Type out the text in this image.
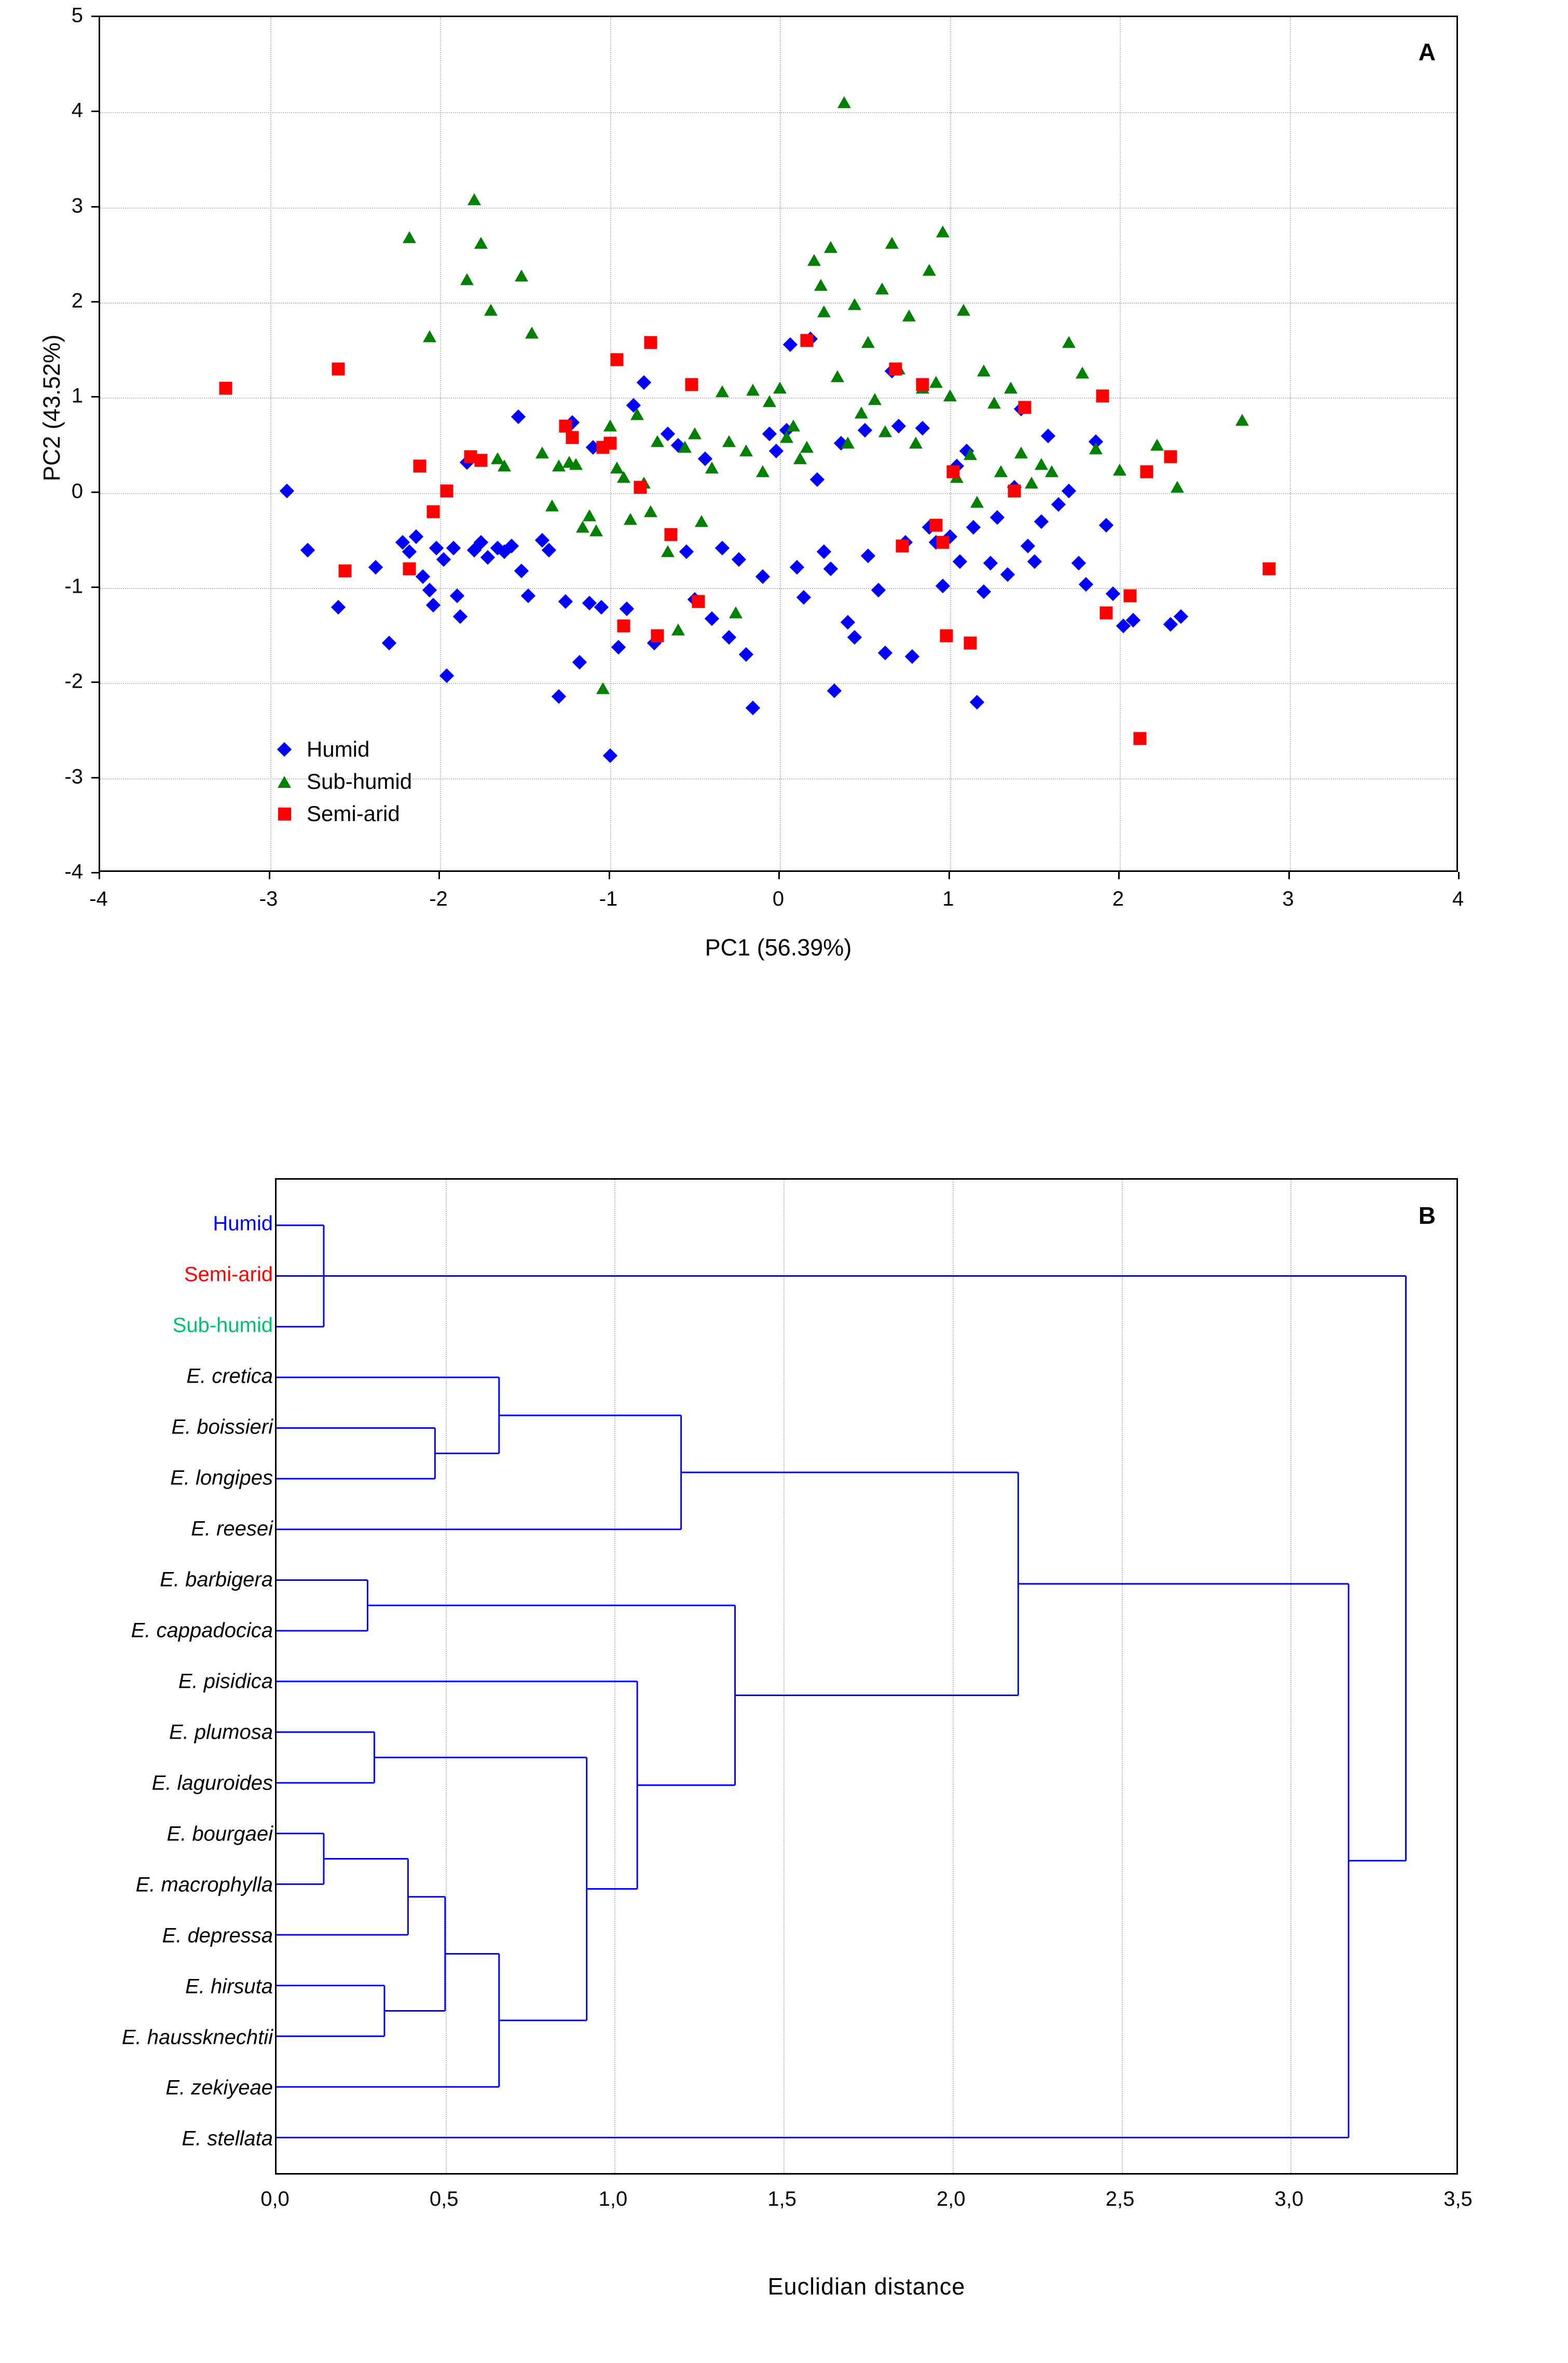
PC2 (43.52%)
A
Humid
Sub-humid
Semi-arid
PC1 (56.39%)
-4	-3	-2	-1	0	1	2	3	4
-4
-3
-2
-1
0
1
2
3
4
5
B
Euclidian distance
0,0	0,5	1,0	1,5	2,0	2,5	3,0	3,5
Humid
Semi-arid
Sub-humid
E. cretica
E. boissieri
E. longipes
E. reesei
E. barbigera
E. cappadocica
E. pisidica
E. plumosa
E. laguroides
E. bourgaei
E. macrophylla
E. depressa
E. hirsuta
E. haussknechtii
E. zekiyeae
E. stellata
